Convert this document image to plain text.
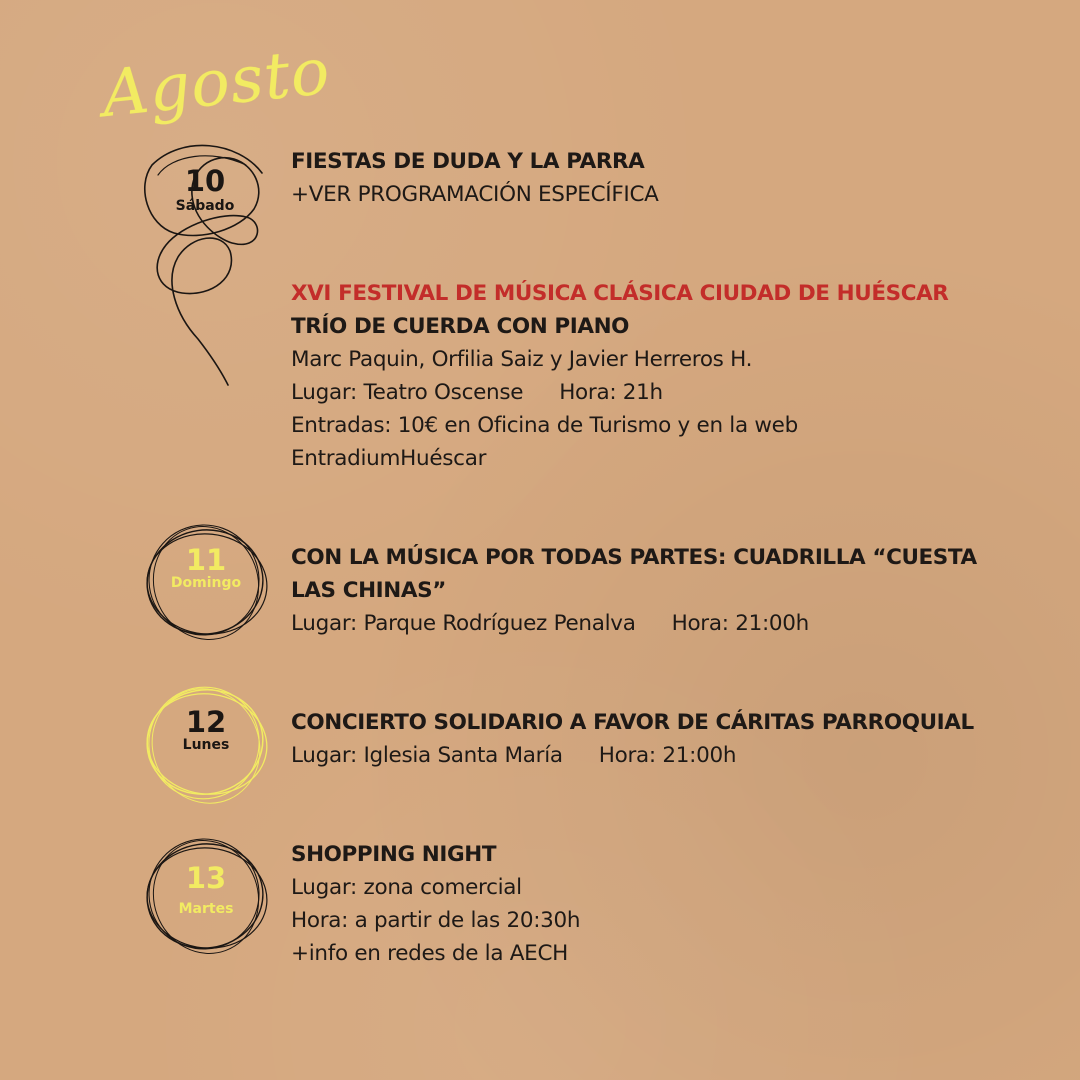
Agosto
10
Sábado
11
Domingo
12
Lunes
13
Martes
FIESTAS DE DUDA Y LA PARRA
+VER PROGRAMACIÓN ESPECÍFICA
XVI FESTIVAL DE MÚSICA CLÁSICA CIUDAD DE HUÉSCAR
TRÍO DE CUERDA CON PIANO
Marc Paquin, Orfilia Saiz y Javier Herreros H.
Lugar: Teatro Oscense Hora: 21h
Entradas: 10€ en Oficina de Turismo y en la web
EntradiumHuéscar
CON LA MÚSICA POR TODAS PARTES: CUADRILLA “CUESTA
LAS CHINAS”
Lugar: Parque Rodríguez Penalva Hora: 21:00h
CONCIERTO SOLIDARIO A FAVOR DE CÁRITAS PARROQUIAL
Lugar: Iglesia Santa María Hora: 21:00h
SHOPPING NIGHT
Lugar: zona comercial
Hora: a partir de las 20:30h
+info en redes de la AECH
